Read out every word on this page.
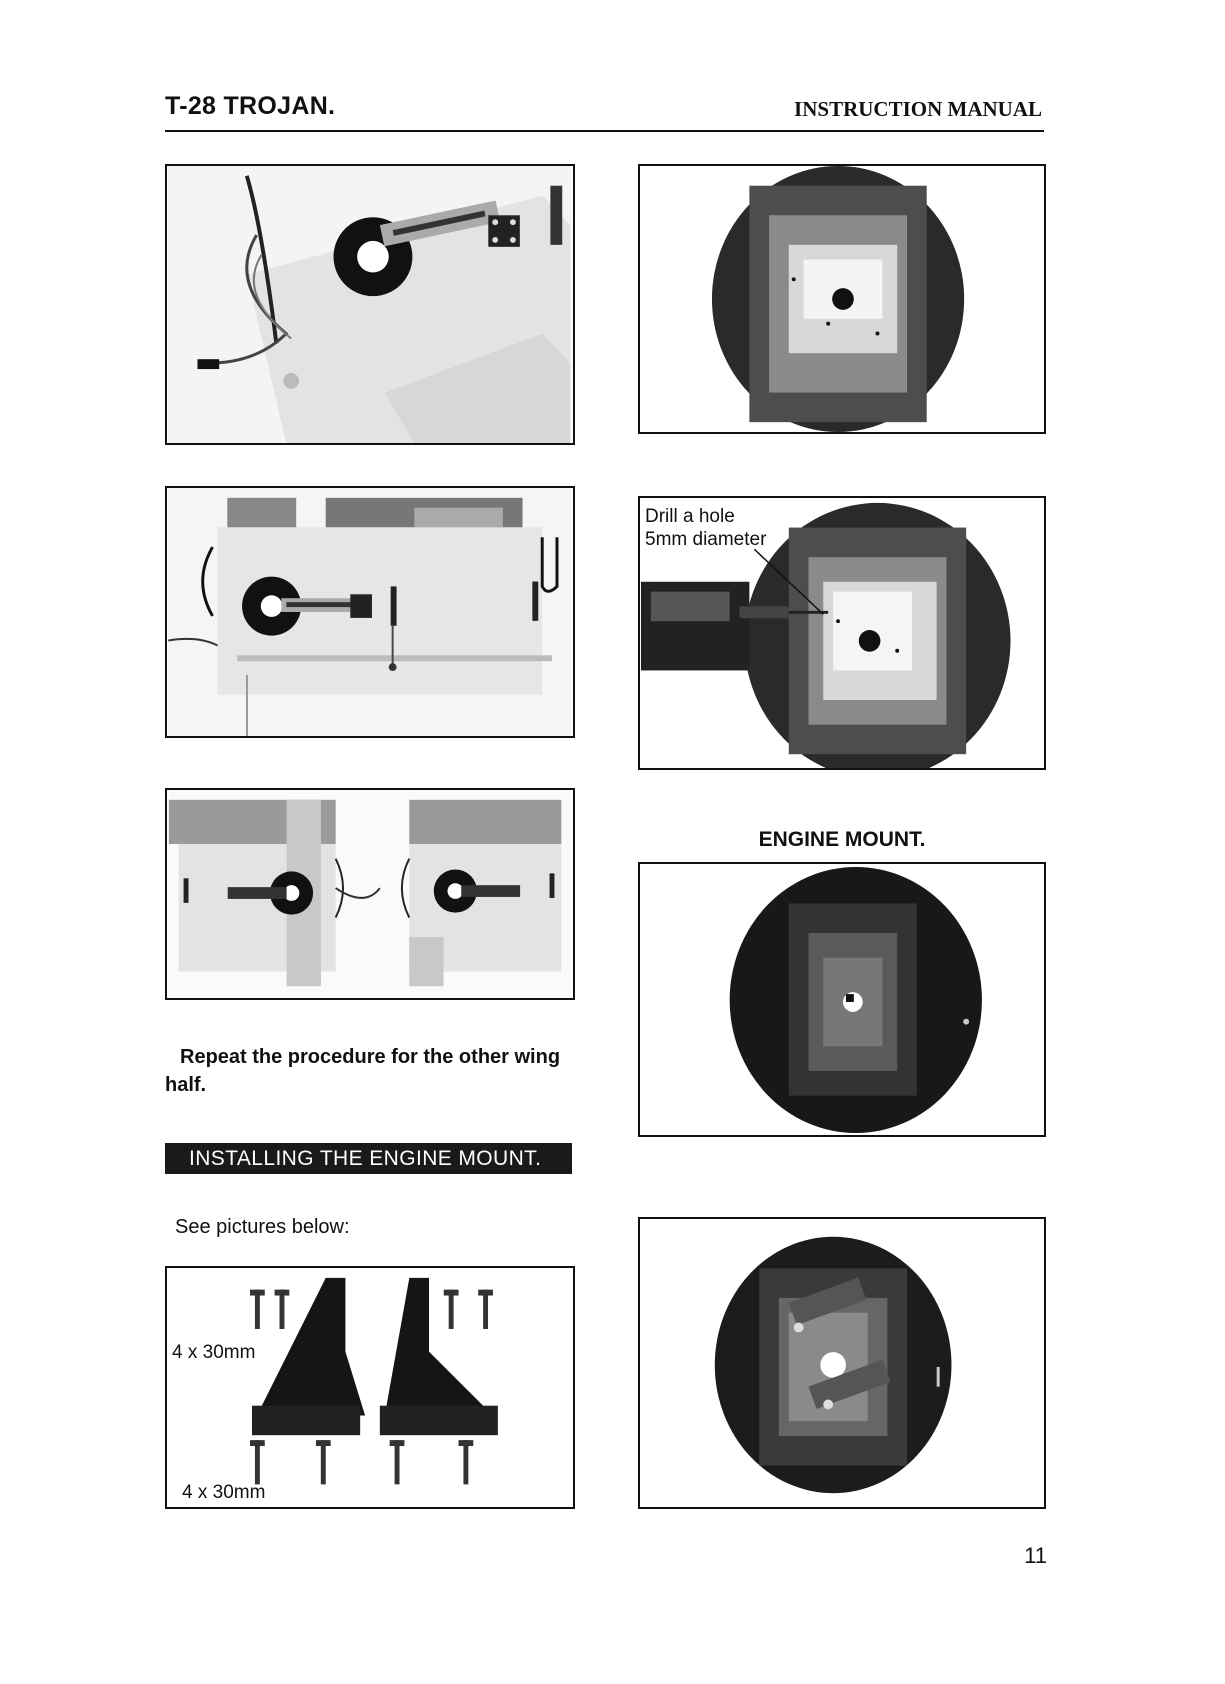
T-28 TROJAN.	INSTRUCTION MANUAL
Drill a hole
5mm diameter
Repeat the procedure for the other wing
half.
ENGINE MOUNT.
INSTALLING THE ENGINE MOUNT.
See pictures below:
4 x 30mm
4 x 30mm
11
